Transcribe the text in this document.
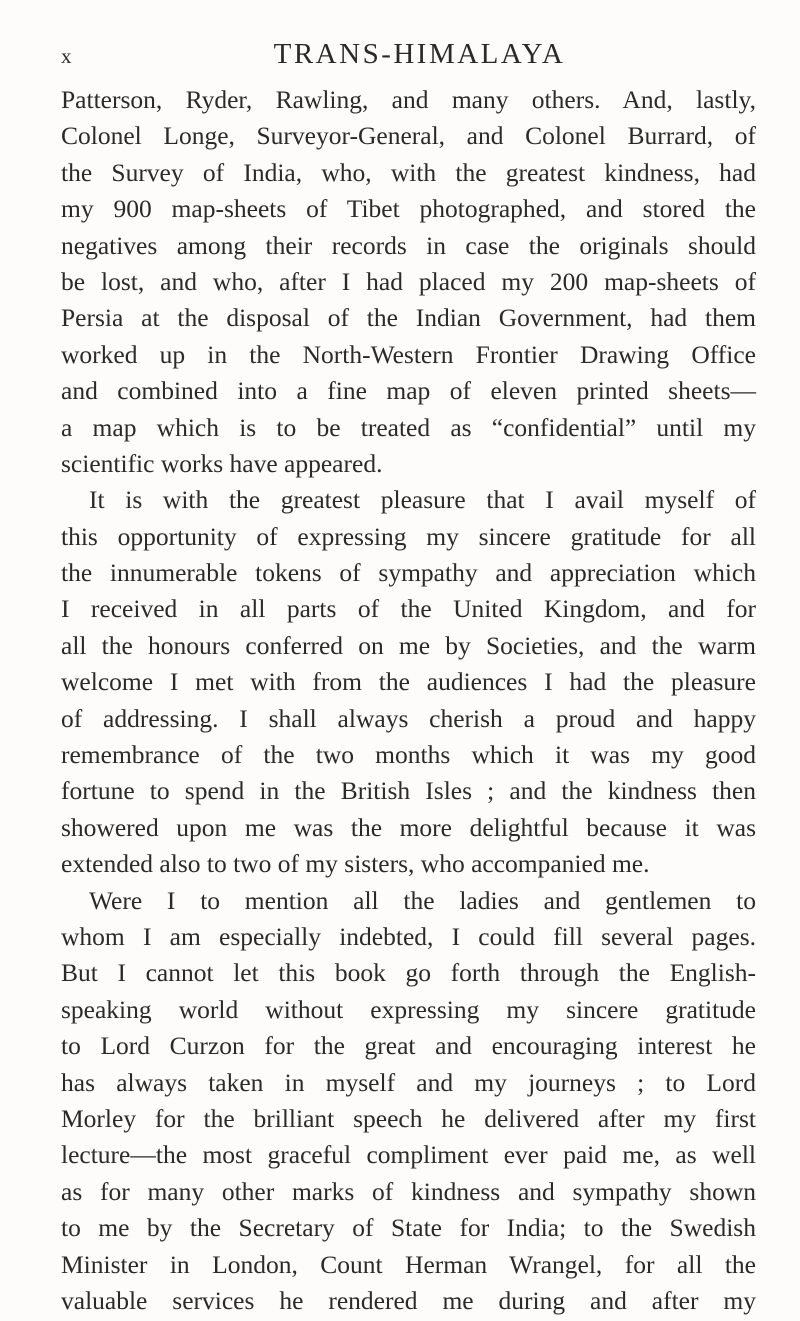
x	TRANS-HIMALAYA
Patterson, Ryder, Rawling, and many others. And, lastly,
Colonel Longe, Surveyor-General, and Colonel Burrard, of
the Survey of India, who, with the greatest kindness, had
my 900 map-sheets of Tibet photographed, and stored the
negatives among their records in case the originals should
be lost, and who, after I had placed my 200 map-sheets of
Persia at the disposal of the Indian Government, had them
worked up in the North-Western Frontier Drawing Office
and combined into a fine map of eleven printed sheets—
a map which is to be treated as “confidential” until my
scientific works have appeared.
It is with the greatest pleasure that I avail myself of
this opportunity of expressing my sincere gratitude for all
the innumerable tokens of sympathy and appreciation which
I received in all parts of the United Kingdom, and for
all the honours conferred on me by Societies, and the warm
welcome I met with from the audiences I had the pleasure
of addressing. I shall always cherish a proud and happy
remembrance of the two months which it was my good
fortune to spend in the British Isles ; and the kindness then
showered upon me was the more delightful because it was
extended also to two of my sisters, who accompanied me.
Were I to mention all the ladies and gentlemen to
whom I am especially indebted, I could fill several pages.
But I cannot let this book go forth through the English-
speaking world without expressing my sincere gratitude
to Lord Curzon for the great and encouraging interest he
has always taken in myself and my journeys ; to Lord
Morley for the brilliant speech he delivered after my first
lecture—the most graceful compliment ever paid me, as well
as for many other marks of kindness and sympathy shown
to me by the Secretary of State for India; to the Swedish
Minister in London, Count Herman Wrangel, for all the
valuable services he rendered me during and after my
